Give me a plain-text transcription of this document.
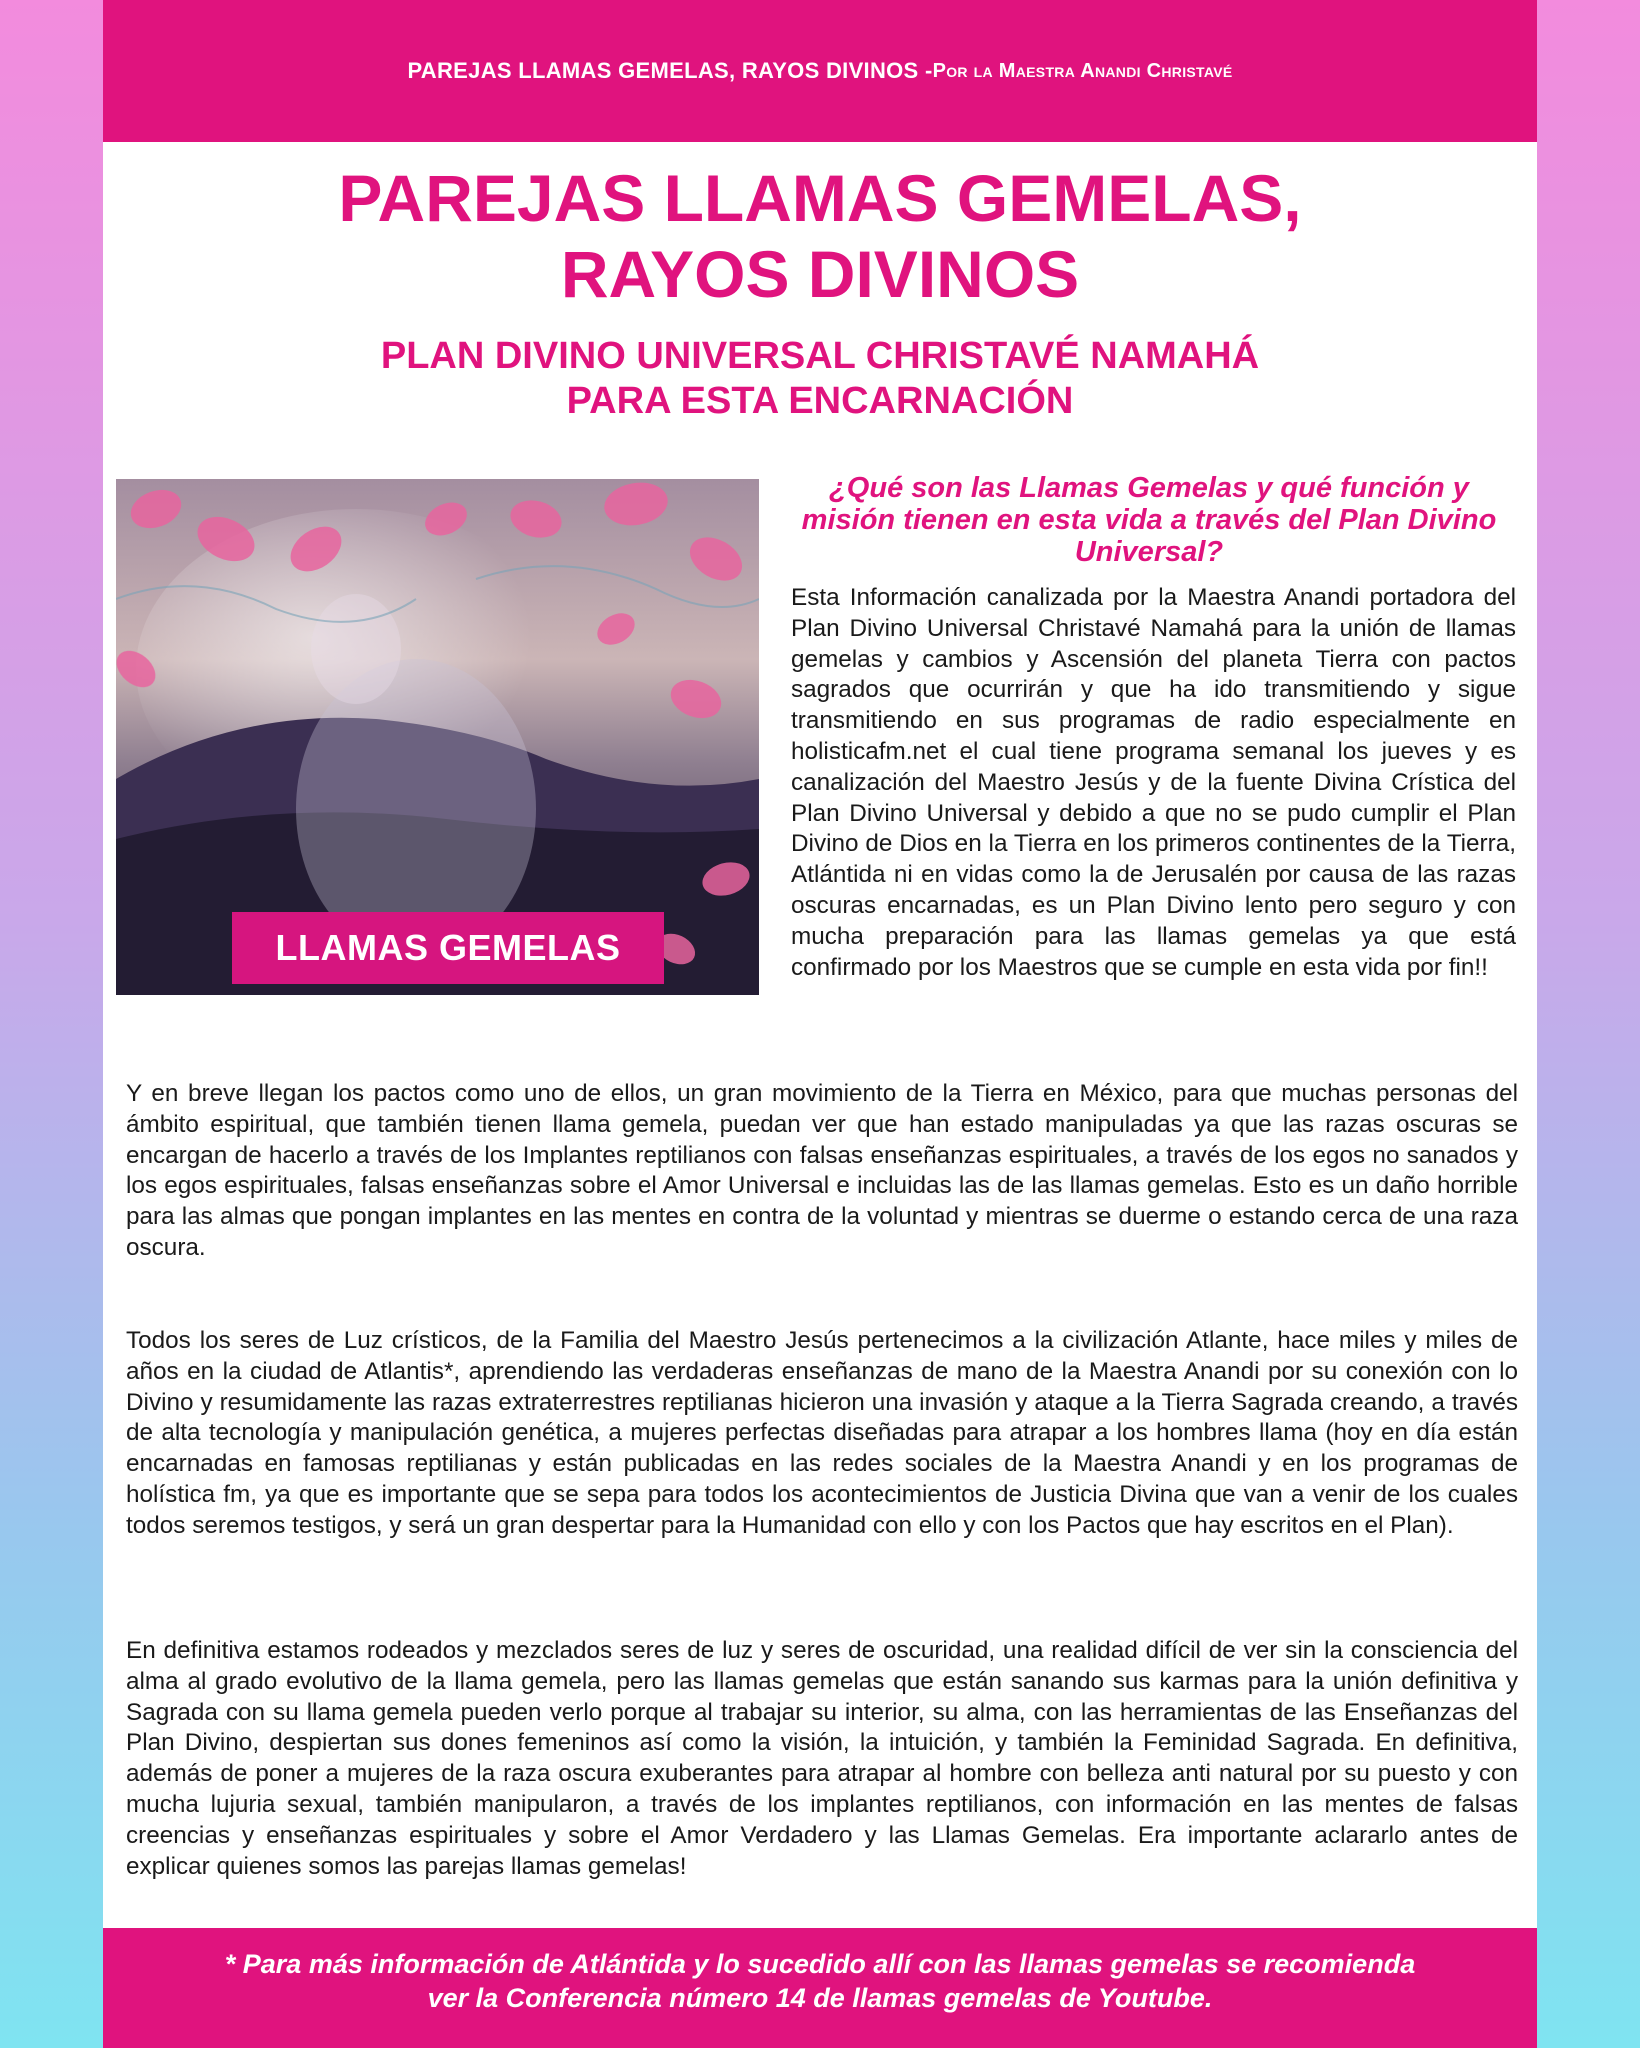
PAREJAS LLAMAS GEMELAS, RAYOS DIVINOS - Por la Maestra Anandi Christavé
PAREJAS LLAMAS GEMELAS,
RAYOS DIVINOS
PLAN DIVINO UNIVERSAL CHRISTAVÉ NAMAHÁ
PARA ESTA ENCARNACIÓN
LLAMAS GEMELAS
¿Qué son las Llamas Gemelas y qué función y misión tienen en esta vida a través del Plan Divino Universal?
Esta Información canalizada por la Maestra Anandi portadora del Plan Divino Universal Christavé Namahá para la unión de llamas gemelas y cambios y Ascensión del planeta Tierra con pactos sagrados que ocurrirán y que ha ido transmitiendo y sigue transmitiendo en sus programas de radio especialmente en holisticafm.net el cual tiene programa semanal los jueves y es canalización del Maestro Jesús y de la fuente Divina Crística del Plan Divino Universal y debido a que no se pudo cumplir el Plan Divino de Dios en la Tierra en los primeros continentes de la Tierra, Atlántida ni en vidas como la de Jerusalén por causa de las razas oscuras encarnadas, es un Plan Divino lento pero seguro y con mucha preparación para las llamas gemelas ya que está confirmado por los Maestros que se cumple en esta vida por fin!!
Y en breve llegan los pactos como uno de ellos, un gran movimiento de la Tierra en México, para que muchas personas del ámbito espiritual, que también tienen llama gemela, puedan ver que han estado manipuladas ya que las razas oscuras se encargan de hacerlo a través de los Implantes reptilianos con falsas enseñanzas espirituales, a través de los egos no sanados y los egos espirituales, falsas enseñanzas sobre el Amor Universal e incluidas las de las llamas gemelas. Esto es un daño horrible para las almas que pongan implantes en las mentes en contra de la voluntad y mientras se duerme o estando cerca de una raza oscura.
Todos los seres de Luz crísticos, de la Familia del Maestro Jesús pertenecimos a la civilización Atlante, hace miles y miles de años en la ciudad de Atlantis*, aprendiendo las verdaderas enseñanzas de mano de la Maestra Anandi por su conexión con lo Divino y resumidamente las razas extraterrestres reptilianas hicieron una invasión y ataque a la Tierra Sagrada creando, a través de alta tecnología y manipulación genética, a mujeres perfectas diseñadas para atrapar a los hombres llama (hoy en día están encarnadas en famosas reptilianas y están publicadas en las redes sociales de la Maestra Anandi y en los programas de holística fm, ya que es importante que se sepa para todos los acontecimientos de Justicia Divina que van a venir de los cuales todos seremos testigos, y será un gran despertar para la Humanidad con ello y con los Pactos que hay escritos en el Plan).
En definitiva estamos rodeados y mezclados seres de luz y seres de oscuridad, una realidad difícil de ver sin la consciencia del alma al grado evolutivo de la llama gemela, pero las llamas gemelas que están sanando sus karmas para la unión definitiva y Sagrada con su llama gemela pueden verlo porque al trabajar su interior, su alma, con las herramientas de las Enseñanzas del Plan Divino, despiertan sus dones femeninos así como la visión, la intuición, y también la Feminidad Sagrada. En definitiva, además de poner a mujeres de la raza oscura exuberantes para atrapar al hombre con belleza anti natural por su puesto y con mucha lujuria sexual, también manipularon, a través de los implantes reptilianos, con información en las mentes de falsas creencias y enseñanzas espirituales y sobre el Amor Verdadero y las Llamas Gemelas. Era importante aclararlo antes de explicar quienes somos las parejas llamas gemelas!
* Para más información de Atlántida y lo sucedido allí con las llamas gemelas se recomienda
ver la Conferencia número 14 de llamas gemelas de Youtube.
